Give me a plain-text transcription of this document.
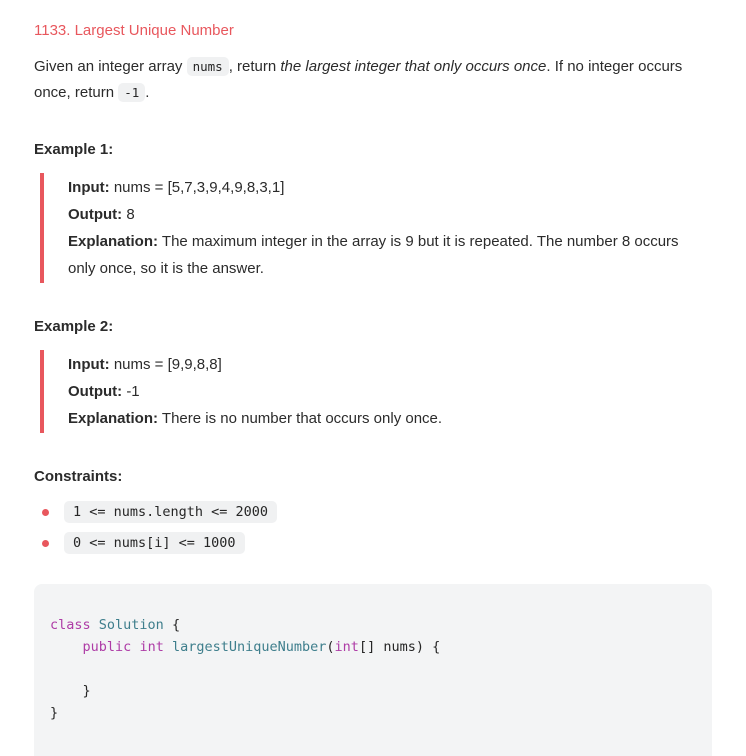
1133. Largest Unique Number

Given an integer array nums , return the largest integer that only occurs once. If no integer occurs once, return -1 .

Example 1:

Input: nums = [5,7,3,9,4,9,8,3,1]

Output: 8

Explanation: The maximum integer in the array is 9 but it is repeated. The number 8 occurs only once, so it is the answer.

Example 2:

Input: nums = [9,9,8,8]

Output: -1

Explanation: There is no number that occurs only once.

Constraints:

1 <= nums.length <= 2000
0 <= nums[i] <= 1000
class Solution {
public int largestUniqueNumber(int[] nums) {
}
}
